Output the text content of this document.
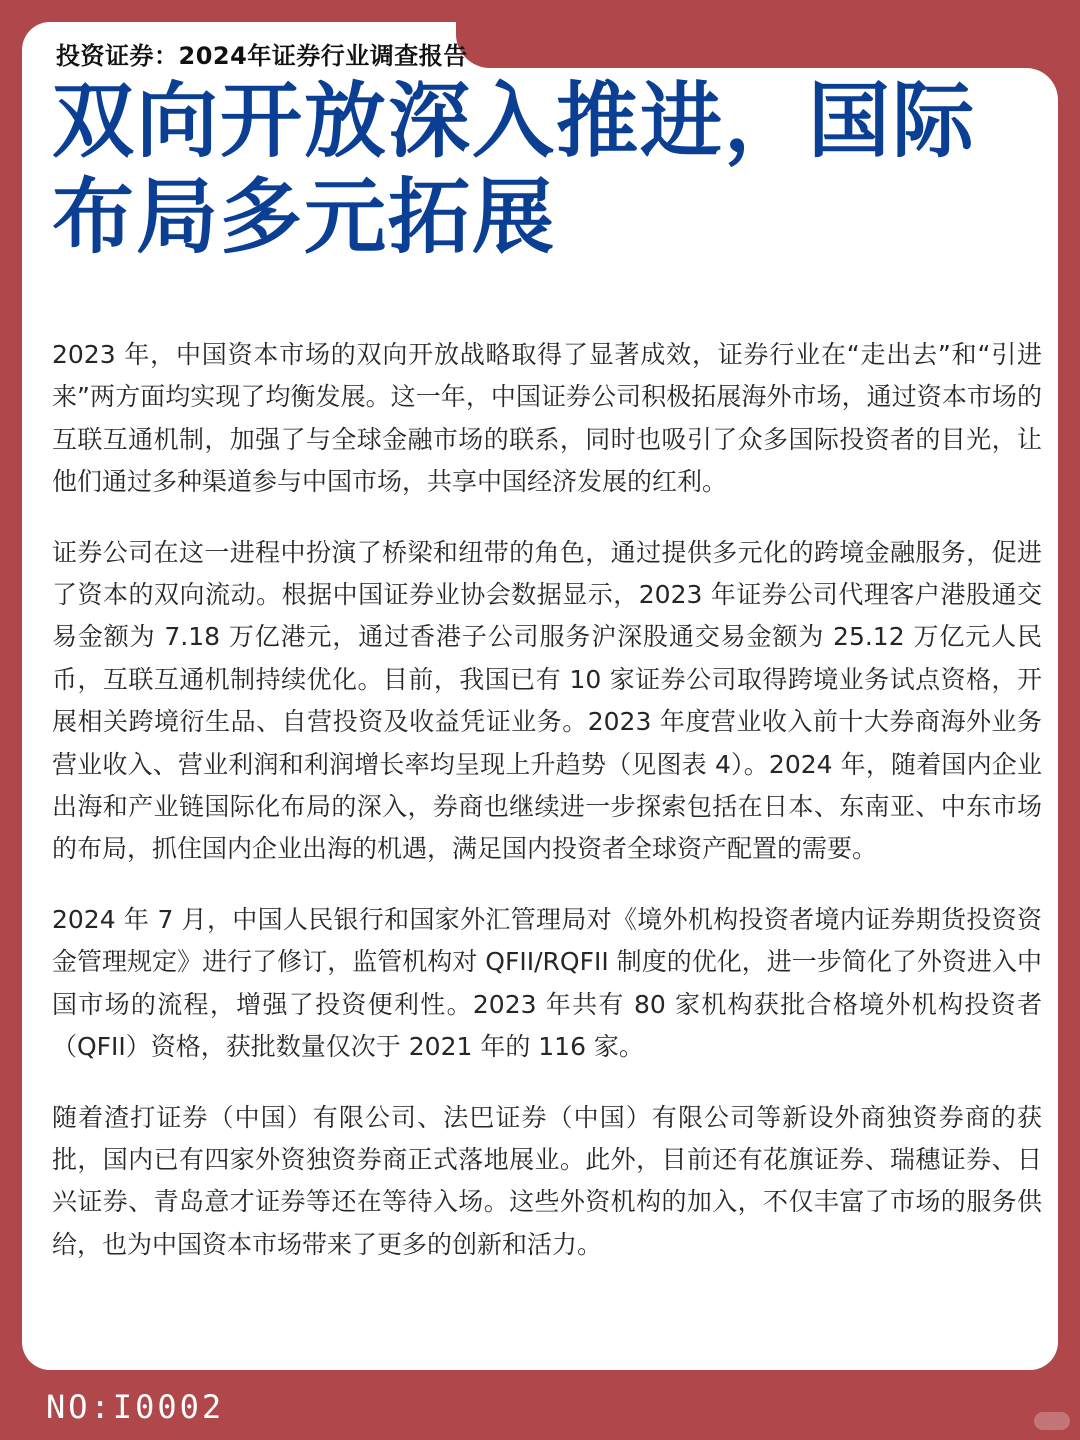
投资证券：2024年证券行业调查报告
双向开放深入推进，国际
布局多元拓展

2023 年，中国资本市场的双向开放战略取得了显著成效，证券行业在“走出去”和“引进来”两方面均实现了均衡发展。这一年，中国证券公司积极拓展海外市场，通过资本市场的互联互通机制，加强了与全球金融市场的联系，同时也吸引了众多国际投资者的目光，让他们通过多种渠道参与中国市场，共享中国经济发展的红利。

证券公司在这一进程中扮演了桥梁和纽带的角色，通过提供多元化的跨境金融服务，促进了资本的双向流动。根据中国证券业协会数据显示，2023 年证券公司代理客户港股通交易金额为 7.18 万亿港元，通过香港子公司服务沪深股通交易金额为 25.12 万亿元人民币，互联互通机制持续优化。目前，我国已有 10 家证券公司取得跨境业务试点资格，开展相关跨境衍生品、自营投资及收益凭证业务。2023 年度营业收入前十大券商海外业务营业收入、营业利润和利润增长率均呈现上升趋势（见图表 4）。2024 年，随着国内企业出海和产业链国际化布局的深入，券商也继续进一步探索包括在日本、东南亚、中东市场的布局，抓住国内企业出海的机遇，满足国内投资者全球资产配置的需要。

2024 年 7 月，中国人民银行和国家外汇管理局对《境外机构投资者境内证券期货投资资金管理规定》进行了修订，监管机构对 QFII/RQFII 制度的优化，进一步简化了外资进入中国市场的流程，增强了投资便利性。2023 年共有 80 家机构获批合格境外机构投资者（QFII）资格，获批数量仅次于 2021 年的 116 家。

随着渣打证券（中国）有限公司、法巴证券（中国）有限公司等新设外商独资券商的获批，国内已有四家外资独资券商正式落地展业。此外，目前还有花旗证券、瑞穗证券、日兴证券、青岛意才证券等还在等待入场。这些外资机构的加入，不仅丰富了市场的服务供给，也为中国资本市场带来了更多的创新和活力。

NO:I0002
